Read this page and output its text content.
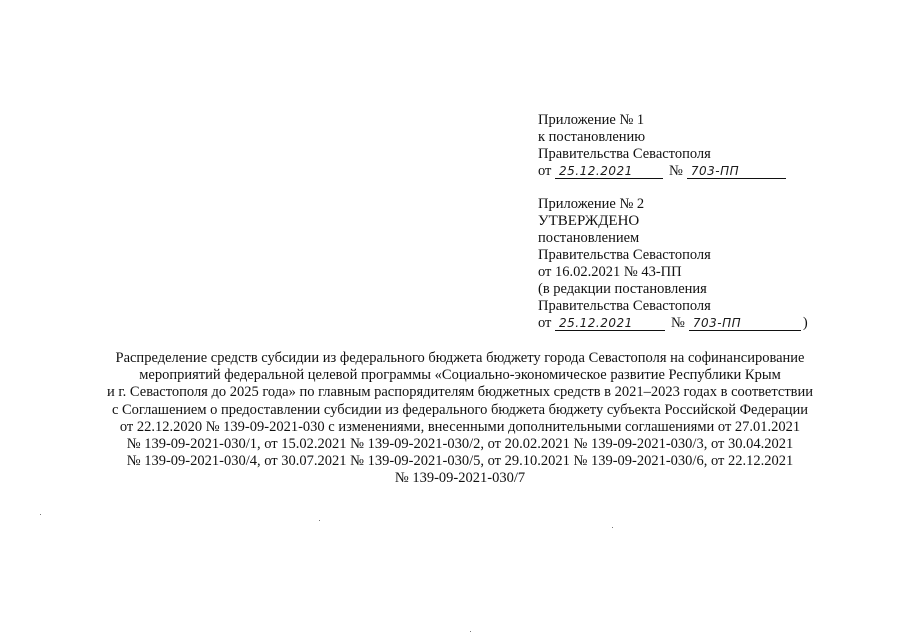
Приложение № 1
к постановлению
Правительства Севастополя
от 25.12.2021	№ 703-ПП
Приложение № 2
УТВЕРЖДЕНО
постановлением
Правительства Севастополя
от 16.02.2021 № 43-ПП
(в редакции постановления
Правительства Севастополя
от 25.12.2021	№ 703-ПП	)
Распределение средств субсидии из федерального бюджета бюджету города Севастополя на софинансирование
мероприятий федеральной целевой программы «Социально-экономическое развитие Республики Крым
и г. Севастополя до 2025 года» по главным распорядителям бюджетных средств в 2021–2023 годах в соответствии
с Соглашением о предоставлении субсидии из федерального бюджета бюджету субъекта Российской Федерации
от 22.12.2020 № 139-09-2021-030 с изменениями, внесенными дополнительными соглашениями от 27.01.2021
№ 139-09-2021-030/1, от 15.02.2021 № 139-09-2021-030/2, от 20.02.2021 № 139-09-2021-030/3, от 30.04.2021
№ 139-09-2021-030/4, от 30.07.2021 № 139-09-2021-030/5, от 29.10.2021 № 139-09-2021-030/6, от 22.12.2021
№ 139-09-2021-030/7
